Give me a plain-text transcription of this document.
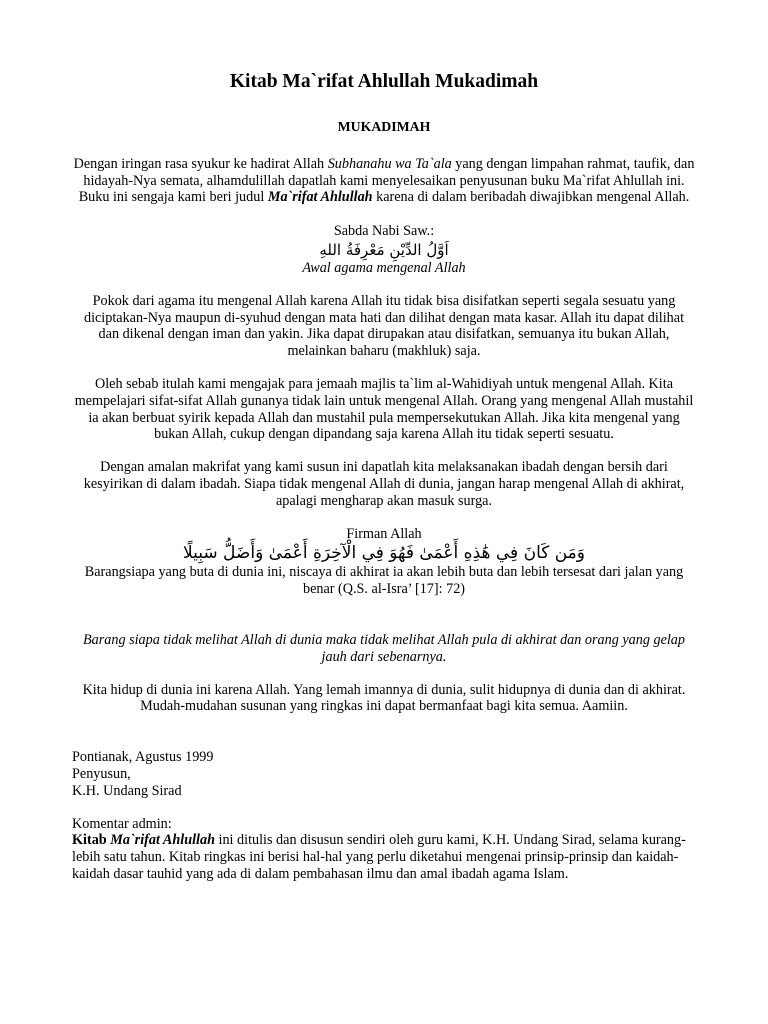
Kitab Ma`rifat Ahlullah Mukadimah
MUKADIMAH

Dengan iringan rasa syukur ke hadirat Allah Subhanahu wa Ta`ala yang dengan limpahan rahmat, taufik, dan hidayah-Nya semata, alhamdulillah dapatlah kami menyelesaikan penyusunan buku Ma`rifat Ahlullah ini. Buku ini sengaja kami beri judul Ma`rifat Ahlullah karena di dalam beribadah diwajibkan mengenal Allah.

Sabda Nabi Saw.:

اَوَّلُ الدِّيْنِ مَعْرِفَةُ اللهِ

Awal agama mengenal Allah

Pokok dari agama itu mengenal Allah karena Allah itu tidak bisa disifatkan seperti segala sesuatu yang diciptakan-Nya maupun di-syuhud dengan mata hati dan dilihat dengan mata kasar. Allah itu dapat dilihat dan dikenal dengan iman dan yakin. Jika dapat dirupakan atau disifatkan, semuanya itu bukan Allah, melainkan baharu (makhluk) saja.

Oleh sebab itulah kami mengajak para jemaah majlis ta`lim al-Wahidiyah untuk mengenal Allah. Kita mempelajari sifat-sifat Allah gunanya tidak lain untuk mengenal Allah. Orang yang mengenal Allah mustahil ia akan berbuat syirik kepada Allah dan mustahil pula mempersekutukan Allah. Jika kita mengenal yang bukan Allah, cukup dengan dipandang saja karena Allah itu tidak seperti sesuatu.

Dengan amalan makrifat yang kami susun ini dapatlah kita melaksanakan ibadah dengan bersih dari kesyirikan di dalam ibadah. Siapa tidak mengenal Allah di dunia, jangan harap mengenal Allah di akhirat, apalagi mengharap akan masuk surga.

Firman Allah

وَمَن كَانَ فِي هَٰذِهِ أَعْمَىٰ فَهُوَ فِي الْآخِرَةِ أَعْمَىٰ وَأَضَلُّ سَبِيلًا

Barangsiapa yang buta di dunia ini, niscaya di akhirat ia akan lebih buta dan lebih tersesat dari jalan yang benar (Q.S. al-Isra’ [17]: 72)

Barang siapa tidak melihat Allah di dunia maka tidak melihat Allah pula di akhirat dan orang yang gelap jauh dari sebenarnya.

Kita hidup di dunia ini karena Allah. Yang lemah imannya di dunia, sulit hidupnya di dunia dan di akhirat. Mudah-mudahan susunan yang ringkas ini dapat bermanfaat bagi kita semua. Aamiin.

Pontianak, Agustus 1999

Penyusun,

K.H. Undang Sirad

Komentar admin:

Kitab Ma`rifat Ahlullah ini ditulis dan disusun sendiri oleh guru kami, K.H. Undang Sirad, selama kurang-lebih satu tahun. Kitab ringkas ini berisi hal-hal yang perlu diketahui mengenai prinsip-prinsip dan kaidah-kaidah dasar tauhid yang ada di dalam pembahasan ilmu dan amal ibadah agama Islam.
